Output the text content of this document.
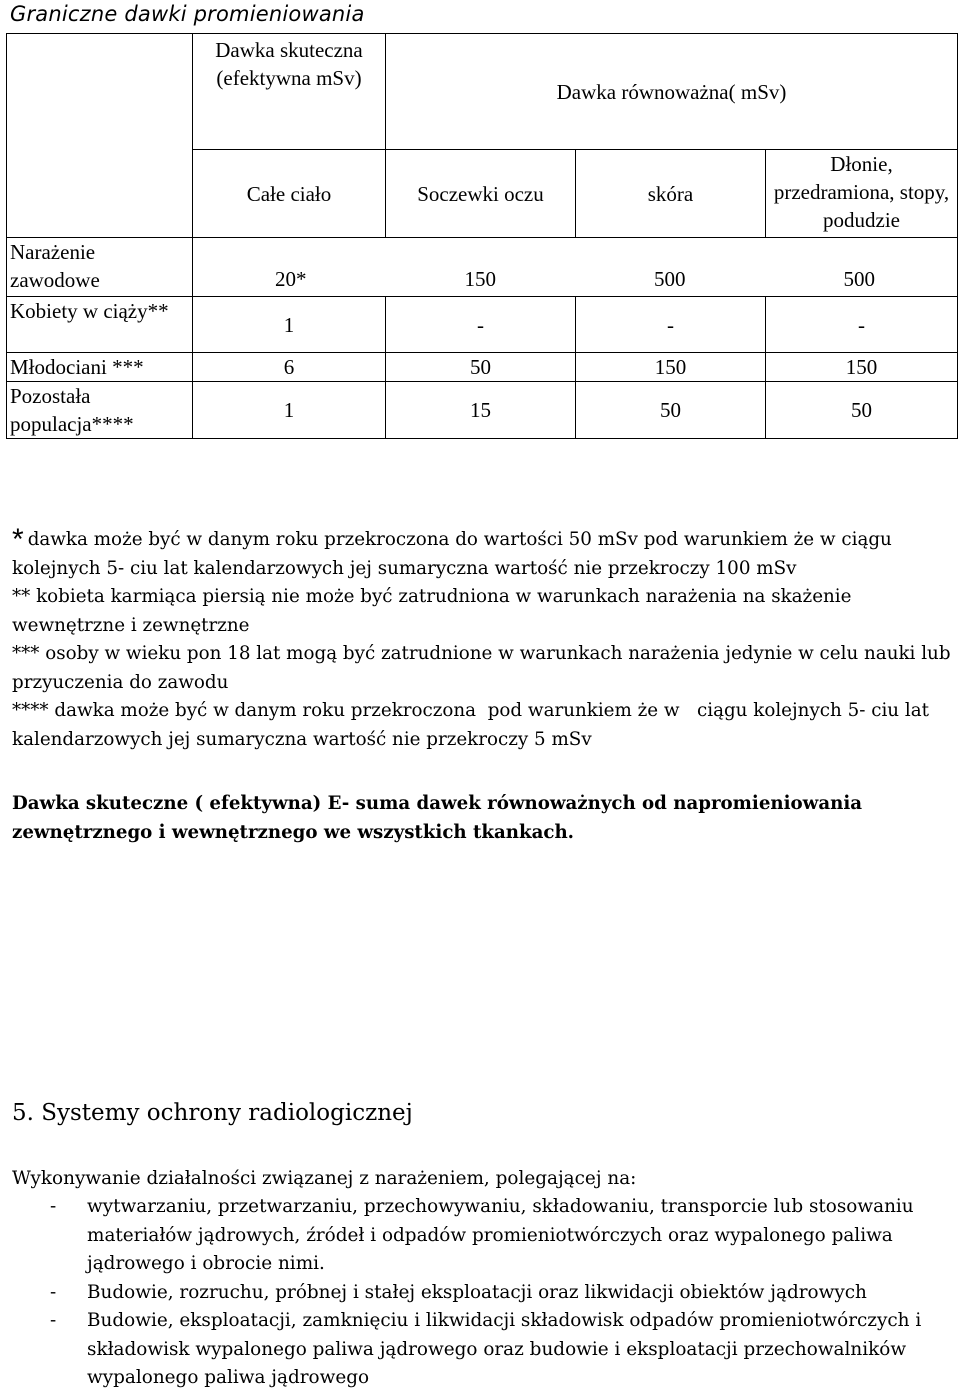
Graniczne dawki promieniowania
	Dawka skuteczna (efektywna mSv)	Dawka równoważna( mSv)		
	Całe ciało	Soczewki oczu	skóra	Dłonie, przedramiona, stopy, podudzie
Narażenie zawodowe	20* 150 500 500			

Kobiety w ciąży**	1	-	-	-
Młodociani ***	6	50	150	150
Pozostała populacja****	1	15	50	50

* dawka może być w danym roku przekroczona do wartości 50 mSv pod warunkiem że w ciągu kolejnych 5- ciu lat kalendarzowych jej sumaryczna wartość nie przekroczy 100 mSv

** kobieta karmiąca piersią nie może być zatrudniona w warunkach narażenia na skażenie wewnętrzne i zewnętrzne

*** osoby w wieku pon 18 lat mogą być zatrudnione w warunkach narażenia jedynie w celu nauki lub przyuczenia do zawodu

**** dawka może być w danym roku przekroczona  pod warunkiem że w   ciągu kolejnych 5- ciu lat kalendarzowych jej sumaryczna wartość nie przekroczy 5 mSv

Dawka skuteczne ( efektywna) E- suma dawek równoważnych od napromieniowania zewnętrznego i wewnętrznego we wszystkich tkankach.

5. Systemy ochrony radiologicznej

Wykonywanie działalności związanej z narażeniem, polegającej na:

- wytwarzaniu, przetwarzaniu, przechowywaniu, składowaniu, transporcie lub stosowaniu materiałów jądrowych, źródeł i odpadów promieniotwórczych oraz wypalonego paliwa jądrowego i obrocie nimi.
- Budowie, rozruchu, próbnej i stałej eksploatacji oraz likwidacji obiektów jądrowych
- Budowie, eksploatacji, zamknięciu i likwidacji składowisk odpadów promieniotwórczych i składowisk wypalonego paliwa jądrowego oraz budowie i eksploatacji przechowalników wypalonego paliwa jądrowego
